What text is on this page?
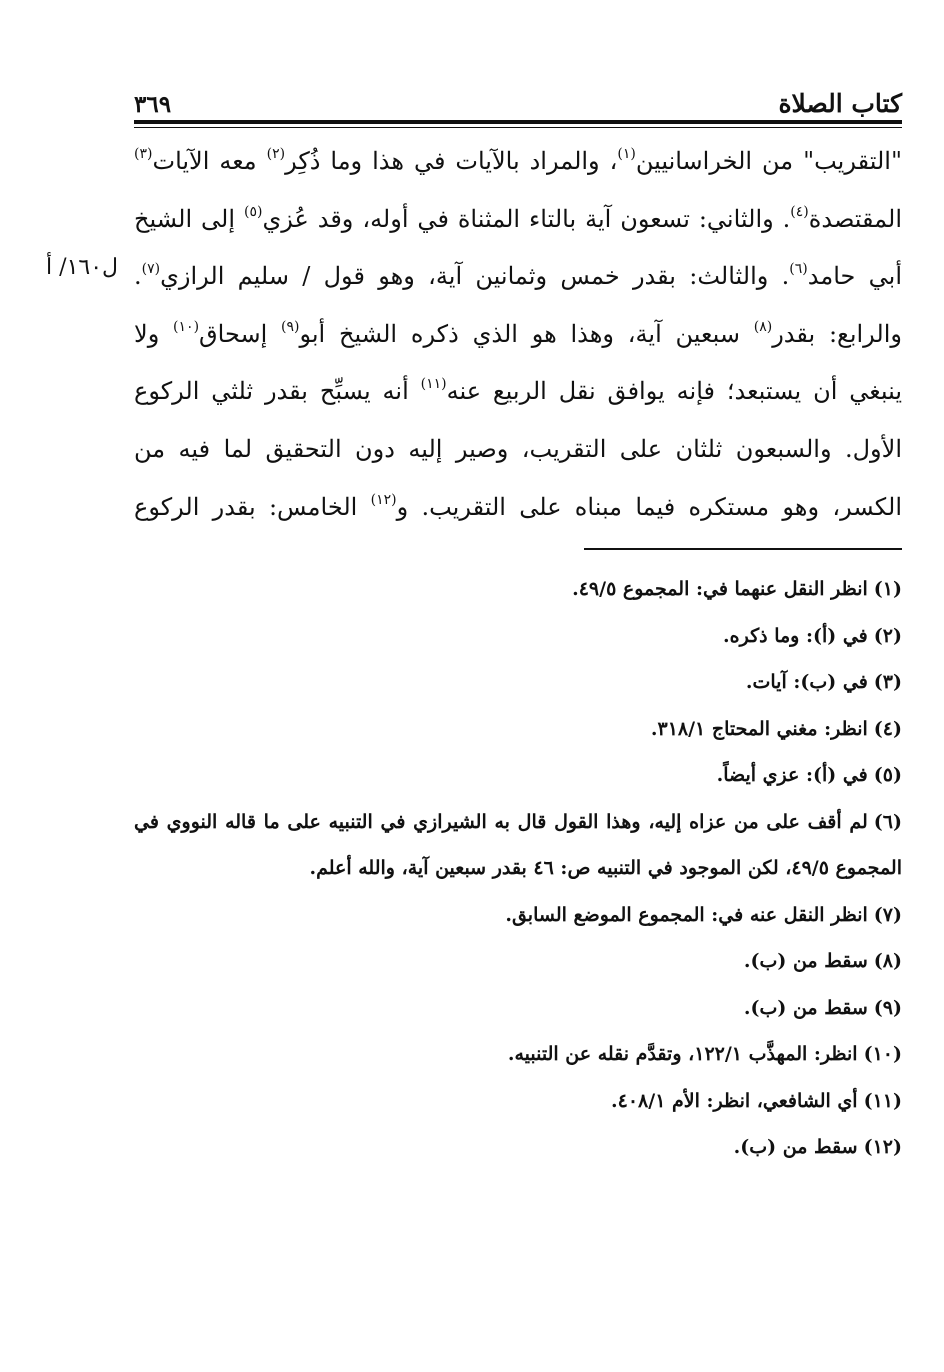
كتاب الصلاة
٣٦٩
ل١٦٠/ أ
"التقريب" من الخراسانيين$^{(١)}$، والمراد بالآيات في هذا وما ذُكِر$^{(٢)}$ معه الآيات$^{(٣)}$
المقتصدة$^{(٤)}$. والثاني: تسعون آية بالتاء المثناة في أوله، وقد عُزي$^{(٥)}$ إلى الشيخ
أبي حامد$^{(٦)}$. والثالث: بقدر خمس وثمانين آية، وهو قول / سليم الرازي$^{(٧)}$.
والرابع: بقدر$^{(٨)}$ سبعين آية، وهذا هو الذي ذكره الشيخ أبو$^{(٩)}$ إسحاق$^{(١٠)}$ ولا
ينبغي أن يستبعد؛ فإنه يوافق نقل الربيع عنه$^{(١١)}$ أنه يسبِّح بقدر ثلثي الركوع
الأول. والسبعون ثلثان على التقريب، وصير إليه دون التحقيق لما فيه من
الكسر، وهو مستكره فيما مبناه على التقريب. و$^{(١٢)}$ الخامس: بقدر الركوع
(١)انظر النقل عنهما في: المجموع ٤٩/٥.
(٢)في (أ): وما ذكره.
(٣)في (ب): آيات.
(٤)انظر: مغني المحتاج ٣١٨/١.
(٥)في (أ): عزي أيضاً.
(٦)لم أقف على من عزاه إليه، وهذا القول قال به الشيرازي في التنبيه على ما قاله النووي في المجموع ٤٩/٥، لكن الموجود في التنبيه ص: ٤٦ بقدر سبعين آية، والله أعلم.
(٧)انظر النقل عنه في: المجموع الموضع السابق.
(٨)سقط من (ب).
(٩)سقط من (ب).
(١٠)انظر: المهذَّب ١٢٢/١، وتقدَّم نقله عن التنبيه.
(١١)أي الشافعي، انظر: الأم ٤٠٨/١.
(١٢)سقط من (ب).
